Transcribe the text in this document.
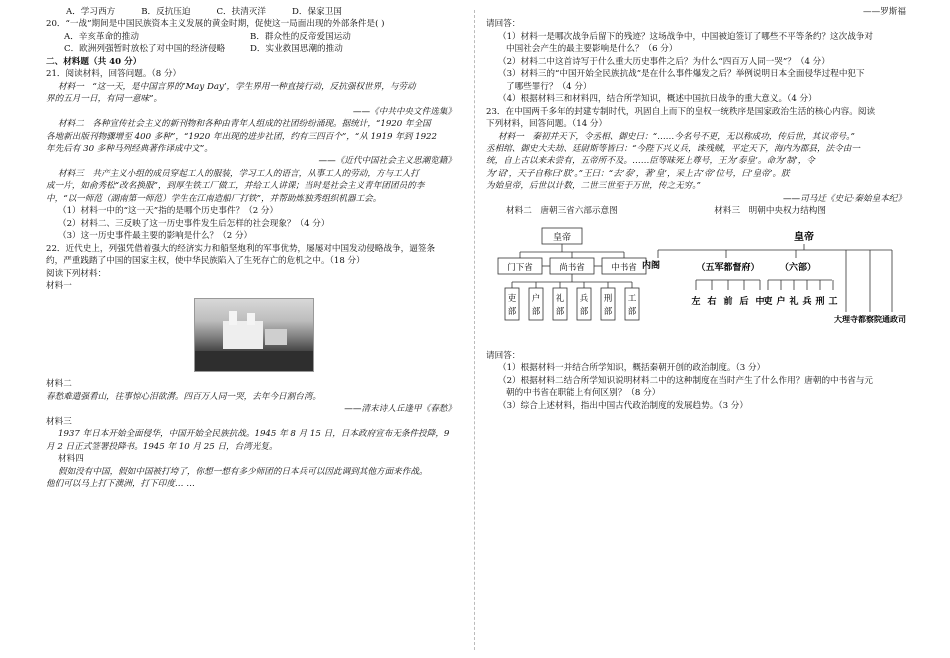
A．学习西方	B．反抗压迫	C．扶清灭洋	D．保家卫国

20．“一战”期间是中国民族资本主义发展的黄金时期，促使这一局面出现的外部条件是( )

A．辛亥革命的推动	B．群众性的反帝爱国运动
C．欧洲列强暂时放松了对中国的经济侵略	D．实业救国思潮的推动

二、材料题（共 40 分）

21．阅读材料，回答问题。（8 分）

材料一　“这一天，是中国言界的‘May Day’，学生界用一种直接行动，反抗强权世界，与劳动

界的五月一日，有同一意味”。

——《中共中央文件选集》

材料二　各种宣传社会主义的新刊物和各种由青年人组成的社团纷纷涌现。据统计，“1920 年全国

各地新出版刊物骤增至 400 多种”，“1920 年出现的进步社团，约有三四百个”，“从 1919 年到 1922

年先后有 30 多种马列经典著作译成中文”。

——《近代中国社会主义思潮览籍》

材料三　共产主义小组的成员穿起工人的服装，学习工人的语言，从事工人的劳动，方与工人打

成一片，如俞秀松“改名换服”，到厚生铁工厂做工，并给工人讲课；当时是社会主义青年团团员的李

中，“以一师范（湖南第一师范）学生在江南造船厂打铁”，并帮助炼独秀组织机器工会。

（1）材料一中的“这一天”指的是哪个历史事件？（2 分）

（2）材料二、三反映了这一历史事件发生后怎样的社会现象？（4 分）

（3）这一历史事件最主要的影响是什么？（2 分）

22．近代史上，列强凭借着强大的经济实力和船坚炮利的军事优势，屡屡对中国发动侵略战争，逼签条

约，严重践踏了中国的国家主权，使中华民族陷入了生死存亡的危机之中。（18 分）

阅读下列材料：

材料一

材料二

春愁难遣强看山，往事惊心泪欲潸。四百万人同一哭，去年今日割台湾。

——清末诗人丘逢甲《春愁》

材料三

1937 年日本开始全面侵华，中国开始全民族抗战。1945 年 8 月 15 日，日本政府宣布无条件投降，9

月 2 日正式签署投降书。1945 年 10 月 25 日，台湾光复。

材料四

假如没有中国，假如中国被打垮了，你想一想有多少师团的日本兵可以因此调到其他方面来作战。

他们可以马上打下澳洲，打下印度… …

——罗斯福

请回答：

（1）材料一是哪次战争后留下的残迹？这场战争中，中国被迫签订了哪些不平等条约？这次战争对

中国社会产生的最主要影响是什么？（6 分）

（2）材料二中这首诗写于什么重大历史事件之后？为什么“四百万人同一哭”？（4 分）

（3）材料三的“中国开始全民族抗战”是在什么事件爆发之后？举例说明日本全面侵华过程中犯下

了哪些罪行？（4 分）

（4）根据材料三和材料四，结合所学知识，概述中国抗日战争的重大意义。（4 分）

23．在中国两千多年的封建专制时代，巩固自上而下的皇权一统秩序是国家政治生活的核心内容。阅读

下列材料，回答问题。（14 分）

材料一　秦初并天下，令丞相、御史曰：“……今名号不更，无以称成功，传后世，其议帝号。”

丞相绾、御史大夫劫、廷尉斯等皆曰：“今陛下兴义兵，诛残贼，平定天下，海内为郡县，法令由一

统，自上古以来未尝有，五帝所不及。……臣等昧死上尊号，王为‘泰皇’。命为‘制’，令

为‘诏’，天子自称曰‘朕’。”王曰：“去‘泰’，著‘皇’，采上古‘帝’位号，曰‘皇帝’。朕

为始皇帝，后世以计数，二世三世至于万世，传之无穷。”

——司马迁《史记·秦始皇本纪》

材料二　唐朝三省六部示意图	材料三　明朝中央权力结构图
皇帝
门下省	尚书省	中书省
吏部
户部
礼部
兵部
刑部
工部
皇帝
内阁	（五军都督府） （六部）
左 右 前 后 中
吏 户 礼 兵 刑 工
大理寺 都察院 通政司

请回答：

（1）根据材料一并结合所学知识，概括秦朝开创的政治制度。（3 分）

（2）根据材料二结合所学知识说明材料二中的这种制度在当时产生了什么作用？唐朝的中书省与元

朝的中书省在职能上有何区别？（8 分）

（3）综合上述材料，指出中国古代政治制度的发展趋势。（3 分）
